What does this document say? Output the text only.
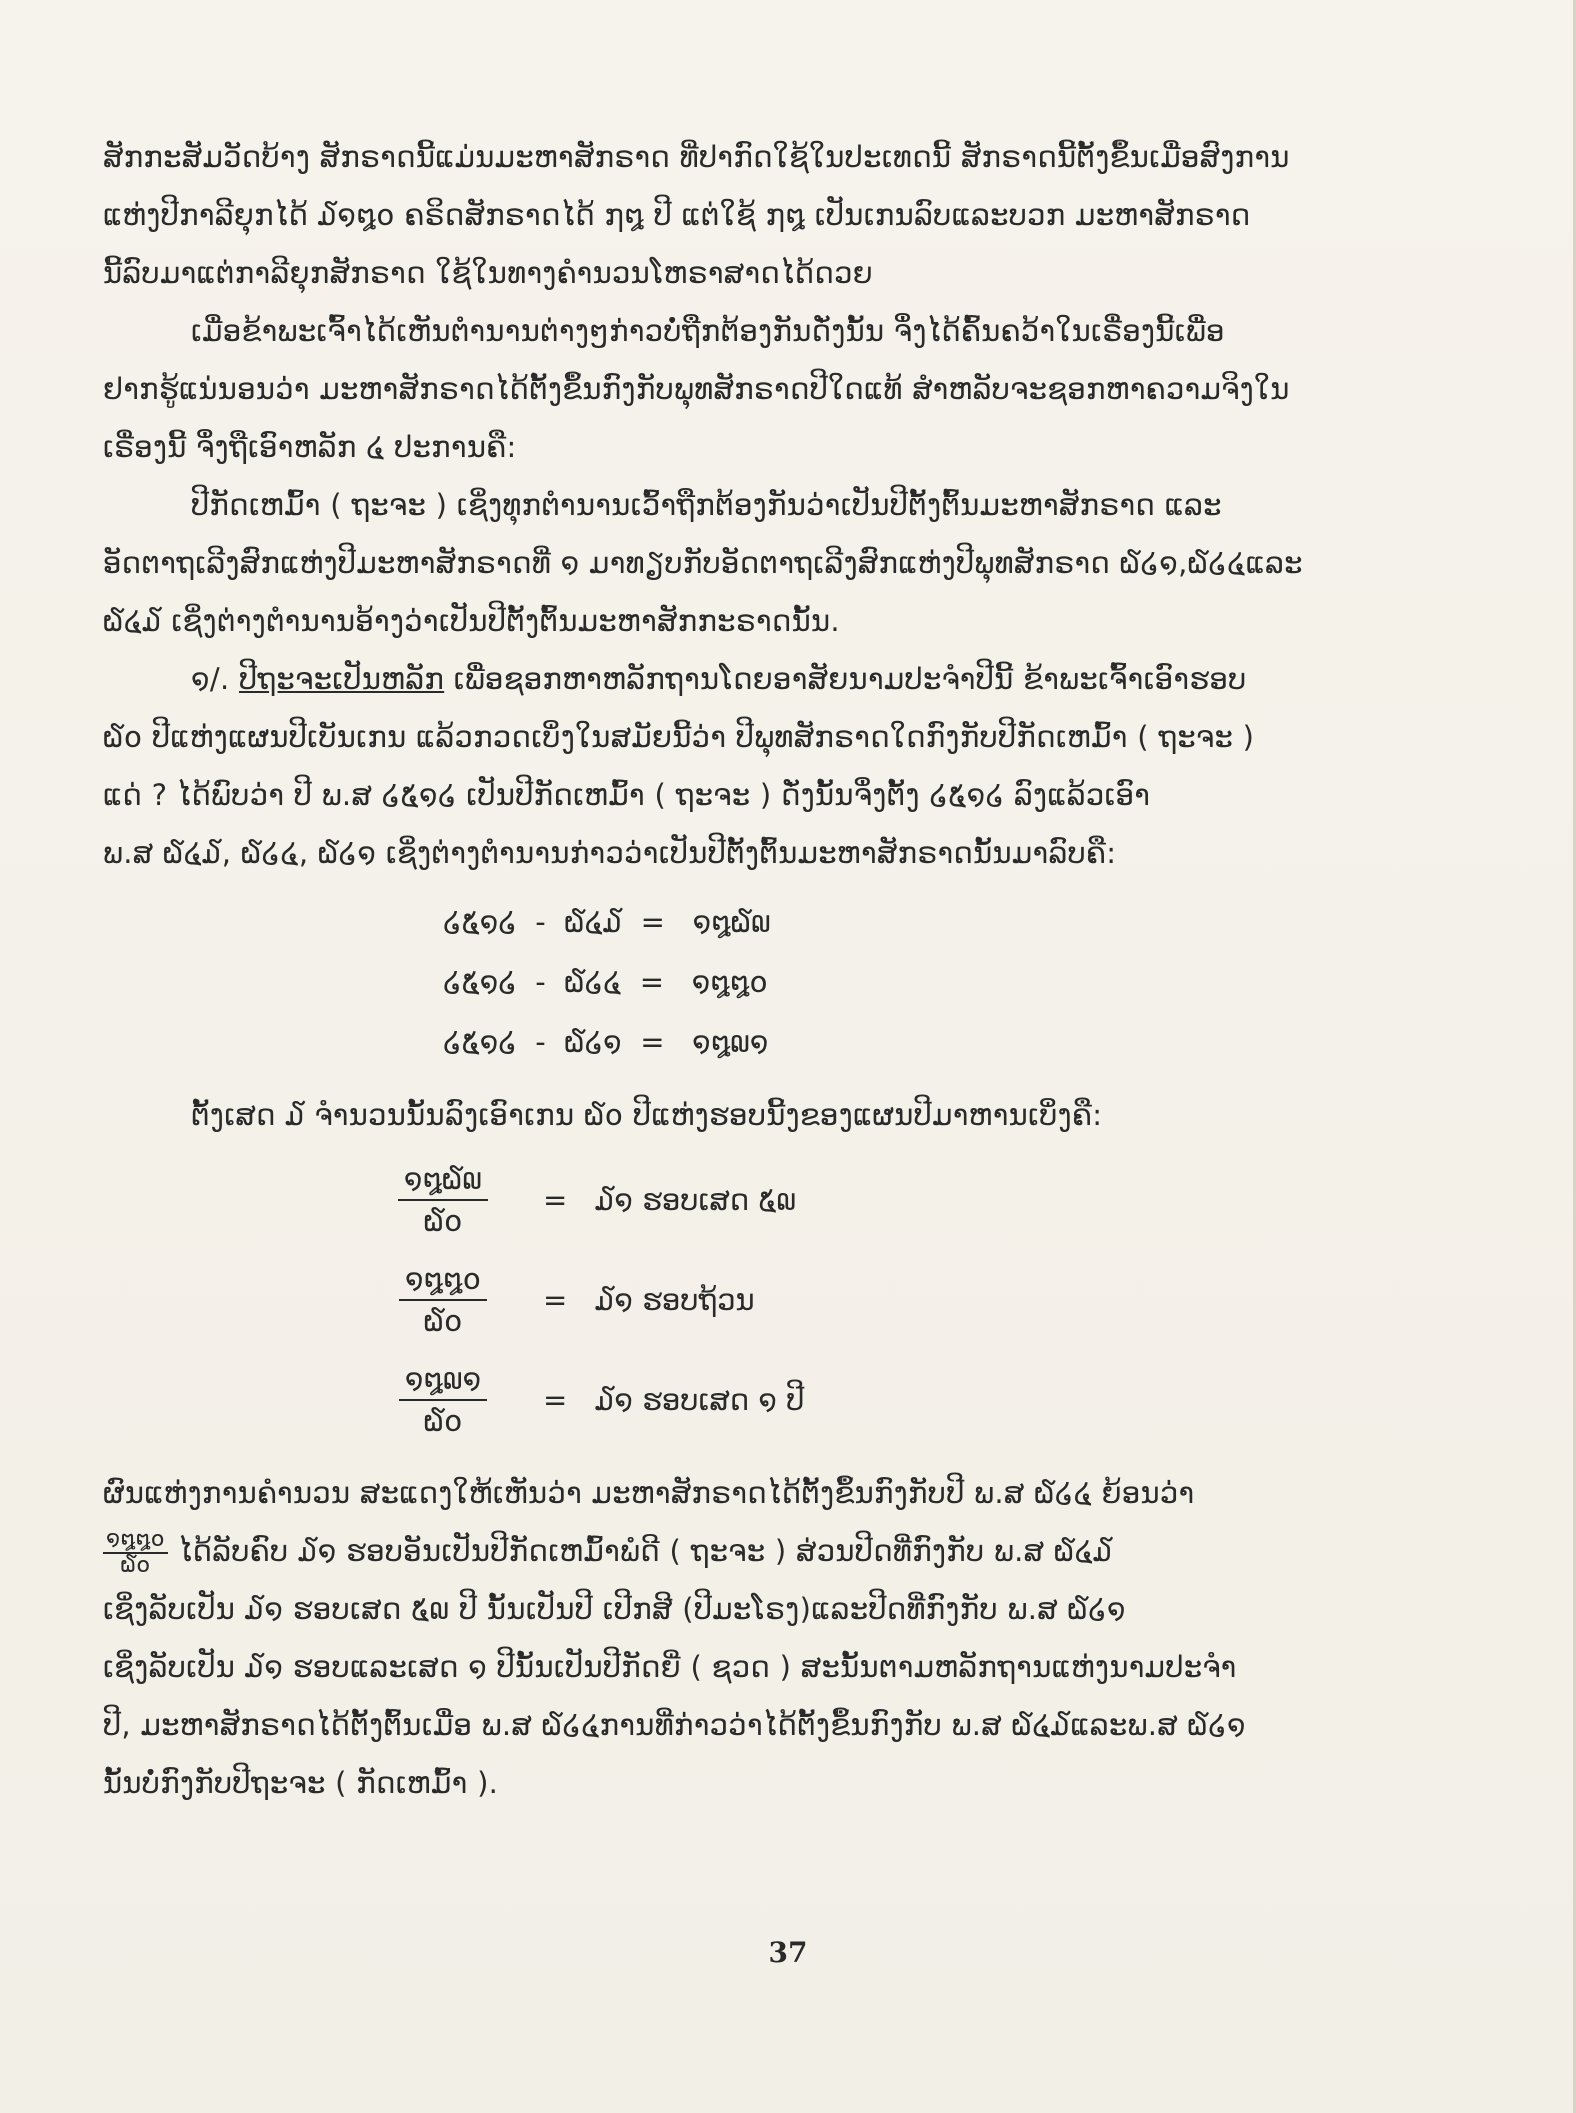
ສັກກະສັມວັດບ້າງ ສັກຣາດນີ້ແມ່ນມະຫາສັກຣາດ ທີ່ປາກົດໃຊ້ໃນປະເທດນີ້ ສັກຣາດນີ້ຕັ້ງຂຶ້ນເມື່ອສົງການ
ແຫ່ງປີກາລີຍຸກໄດ້ ໓໑໘໐ ຄຣິດສັກຣາດໄດ້ ໗໘ ປີ ແຕ່ໃຊ້ ໗໘ ເປັນເກນລົບແລະບວກ ມະຫາສັກຣາດ
ນີ້ລົບມາແຕ່ກາລີຍຸກສັກຣາດ ໃຊ້ໃນທາງຄຳນວນໂຫຣາສາດໄດ້ດວຍ
ເມື່ອຂ້າພະເຈົ້າໄດ້ເຫັນຕຳນານຕ່າງໆກ່າວບໍ່ຖືກຕ້ອງກັນດັ່ງນັ້ນ ຈຶ່ງໄດ້ຄົ້ນຄວ້າໃນເຣື່ອງນີ້ເພື່ອ
ຢາກຮູ້ແນ່ນອນວ່າ ມະຫາສັກຣາດໄດ້ຕັ້ງຂຶ້ນກົງກັບພຸທສັກຣາດປີໃດແທ້ ສຳຫລັບຈະຊອກຫາຄວາມຈິງໃນ
ເຣື່ອງນີ້ ຈຶ່ງຖືເອົາຫລັກ ໔ ປະການຄື:
ປີກັດເຫມົ້າ ( ຖະຈະ ) ເຊິ່ງທຸກຕຳນານເວົ້າຖືກຕ້ອງກັນວ່າເປັນປີຕັ້ງຕົ້ນມະຫາສັກຣາດ ແລະ
ອັດຕາຖເລີງສົກແຫ່ງປີມະຫາສັກຣາດທີ່ ໑ ມາທຽບກັບອັດຕາຖເລີງສົກແຫ່ງປີພຸທສັກຣາດ ໖໒໑,໖໒໔ແລະ
໖໔໓ ເຊິ່ງຕ່າງຕຳນານອ້າງວ່າເປັນປີຕັ້ງຕົ້ນມະຫາສັກກະຣາດນັ້ນ.
໑/. ປີຖະຈະເປັນຫລັກ ເພື່ອຊອກຫາຫລັກຖານໂດຍອາສັຍນາມປະຈຳປີນີ້ ຂ້າພະເຈົ້າເອົາຮອບ
໖໐ ປີແຫ່ງແຜນປີເບັນເກນ ແລ້ວກວດເບິ່ງໃນສມັຍນີ້ວ່າ ປີພຸທສັກຣາດໃດກົງກັບປີກັດເຫມົ້າ ( ຖະຈະ )
ແດ່ ? ໄດ້ພົບວ່າ ປີ ພ.ສ ໒໕໑໒ ເປັນປີກັດເຫມົ້າ ( ຖະຈະ ) ດັ່ງນັ້ນຈຶ່ງຕັ້ງ ໒໕໑໒ ລົງແລ້ວເອົາ
ພ.ສ ໖໔໓, ໖໒໔, ໖໒໑ ເຊິ່ງຕ່າງຕຳນານກ່າວວ່າເປັນປີຕັ້ງຕົ້ນມະຫາສັກຣາດນັ້ນມາລົບຄື:
໒໕໑໒ - ໖໔໓ = ໑໘໖໙
໒໕໑໒ - ໖໒໔ = ໑໘໘໐
໒໕໑໒ - ໖໒໑ = ໑໘໙໑
ຕັ້ງເສດ ໓ ຈຳນວນນັ້ນລົງເອົາເກນ ໖໐ ປີແຫ່ງຮອບນີ້ງຂອງແຜນປີມາຫານເບິ່ງຄື:
$\frac{໑໘໖໙}{໖໐}$	= ໓໑ ຮອບເສດ ໕໙
$\frac{໑໘໘໐}{໖໐}$	= ໓໑ ຮອບຖ້ວນ
$\frac{໑໘໙໑}{໖໐}$	= ໓໑ ຮອບເສດ ໑ ປີ
ຜົນແຫ່ງການຄຳນວນ ສະແດງໃຫ້ເຫັນວ່າ ມະຫາສັກຣາດໄດ້ຕັ້ງຂຶ້ນກົງກັບປີ ພ.ສ ໖໒໔ ຍ້ອນວ່າ
$\frac{໑໘໘໐}{໖໐}$ ໄດ້ລັບຄົບ ໓໑ ຮອບອັນເປັນປີກັດເຫມົ້າພໍດີ ( ຖະຈະ ) ສ່ວນປີດທີ່ກົງກັບ ພ.ສ ໖໔໓
ເຊິ່ງລັບເປັນ ໓໑ ຮອບເສດ ໕໙ ປີ ນັ້ນເປັນປີ ເປີກສີ (ປີມະໂຣງ)ແລະປີດທີ່ກົງກັບ ພ.ສ ໖໒໑
ເຊິ່ງລັບເປັນ ໓໑ ຮອບແລະເສດ ໑ ປີນັ້ນເປັນປີກັດຍີ່ ( ຊວດ ) ສະນັ້ນຕາມຫລັກຖານແຫ່ງນາມປະຈຳ
ປີ, ມະຫາສັກຣາດໄດ້ຕັ້ງຕົ້ນເມື່ອ ພ.ສ ໖໒໔ການທີ່ກ່າວວ່າໄດ້ຕັ້ງຂຶ້ນກົງກັບ ພ.ສ ໖໔໓ແລະພ.ສ ໖໒໑
ນັ້ນບໍ່ກົງກັບປີຖະຈະ ( ກັດເຫມົ້າ ).
37
